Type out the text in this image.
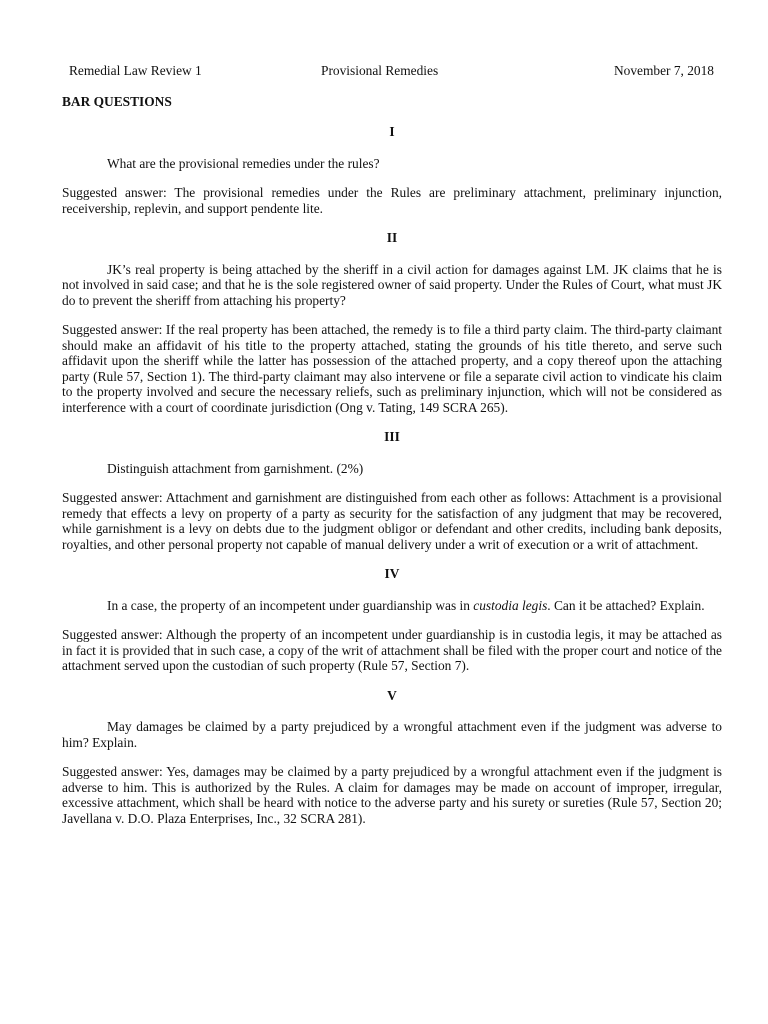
Remedial Law Review 1	Provisional Remedies	November 7, 2018
BAR QUESTIONS
I

What are the provisional remedies under the rules?

Suggested answer: The provisional remedies under the Rules are preliminary attachment, preliminary injunction, receivership, replevin, and support pendente lite.

II

JK’s real property is being attached by the sheriff in a civil action for damages against LM. JK claims that he is not involved in said case; and that he is the sole registered owner of said property. Under the Rules of Court, what must JK do to prevent the sheriff from attaching his property?

Suggested answer: If the real property has been attached, the remedy is to file a third party claim. The third-party claimant should make an affidavit of his title to the property attached, stating the grounds of his title thereto, and serve such affidavit upon the sheriff while the latter has possession of the attached property, and a copy thereof upon the attaching party (Rule 57, Section 1). The third-party claimant may also intervene or file a separate civil action to vindicate his claim to the property involved and secure the necessary reliefs, such as preliminary injunction, which will not be considered as interference with a court of coordinate jurisdiction (Ong v. Tating, 149 SCRA 265).

III

Distinguish attachment from garnishment. (2%)

Suggested answer: Attachment and garnishment are distinguished from each other as follows: Attachment is a provisional remedy that effects a levy on property of a party as security for the satisfaction of any judgment that may be recovered, while garnishment is a levy on debts due to the judgment obligor or defendant and other credits, including bank deposits, royalties, and other personal property not capable of manual delivery under a writ of execution or a writ of attachment.

IV

In a case, the property of an incompetent under guardianship was in custodia legis. Can it be attached? Explain.

Suggested answer: Although the property of an incompetent under guardianship is in custodia legis, it may be attached as in fact it is provided that in such case, a copy of the writ of attachment shall be filed with the proper court and notice of the attachment served upon the custodian of such property (Rule 57, Section 7).

V

May damages be claimed by a party prejudiced by a wrongful attachment even if the judgment was adverse to him? Explain.

Suggested answer: Yes, damages may be claimed by a party prejudiced by a wrongful attachment even if the judgment is adverse to him. This is authorized by the Rules. A claim for damages may be made on account of improper, irregular, excessive attachment, which shall be heard with notice to the adverse party and his surety or sureties (Rule 57, Section 20; Javellana v. D.O. Plaza Enterprises, Inc., 32 SCRA 281).
